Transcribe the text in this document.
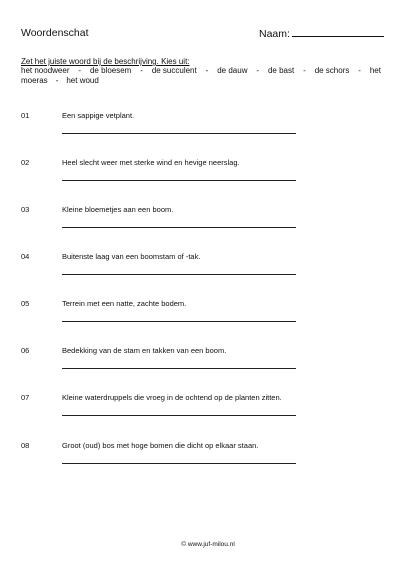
Woordenschat	Naam:
Zet het juiste woord bij de beschrijving. Kies uit:
het noodweer - de bloesem - de succulent - de dauw - de bast - de schors - het
moeras - het woud
01	Een sappige vetplant.
02	Heel slecht weer met sterke wind en hevige neerslag.
03	Kleine bloemetjes aan een boom.
04	Buitenste laag van een boomstam of -tak.
05	Terrein met een natte, zachte bodem.
06	Bedekking van de stam en takken van een boom.
07	Kleine waterdruppels die vroeg in de ochtend op de planten zitten.
08	Groot (oud) bos met hoge bomen die dicht op elkaar staan.
© www.juf-milou.nl
